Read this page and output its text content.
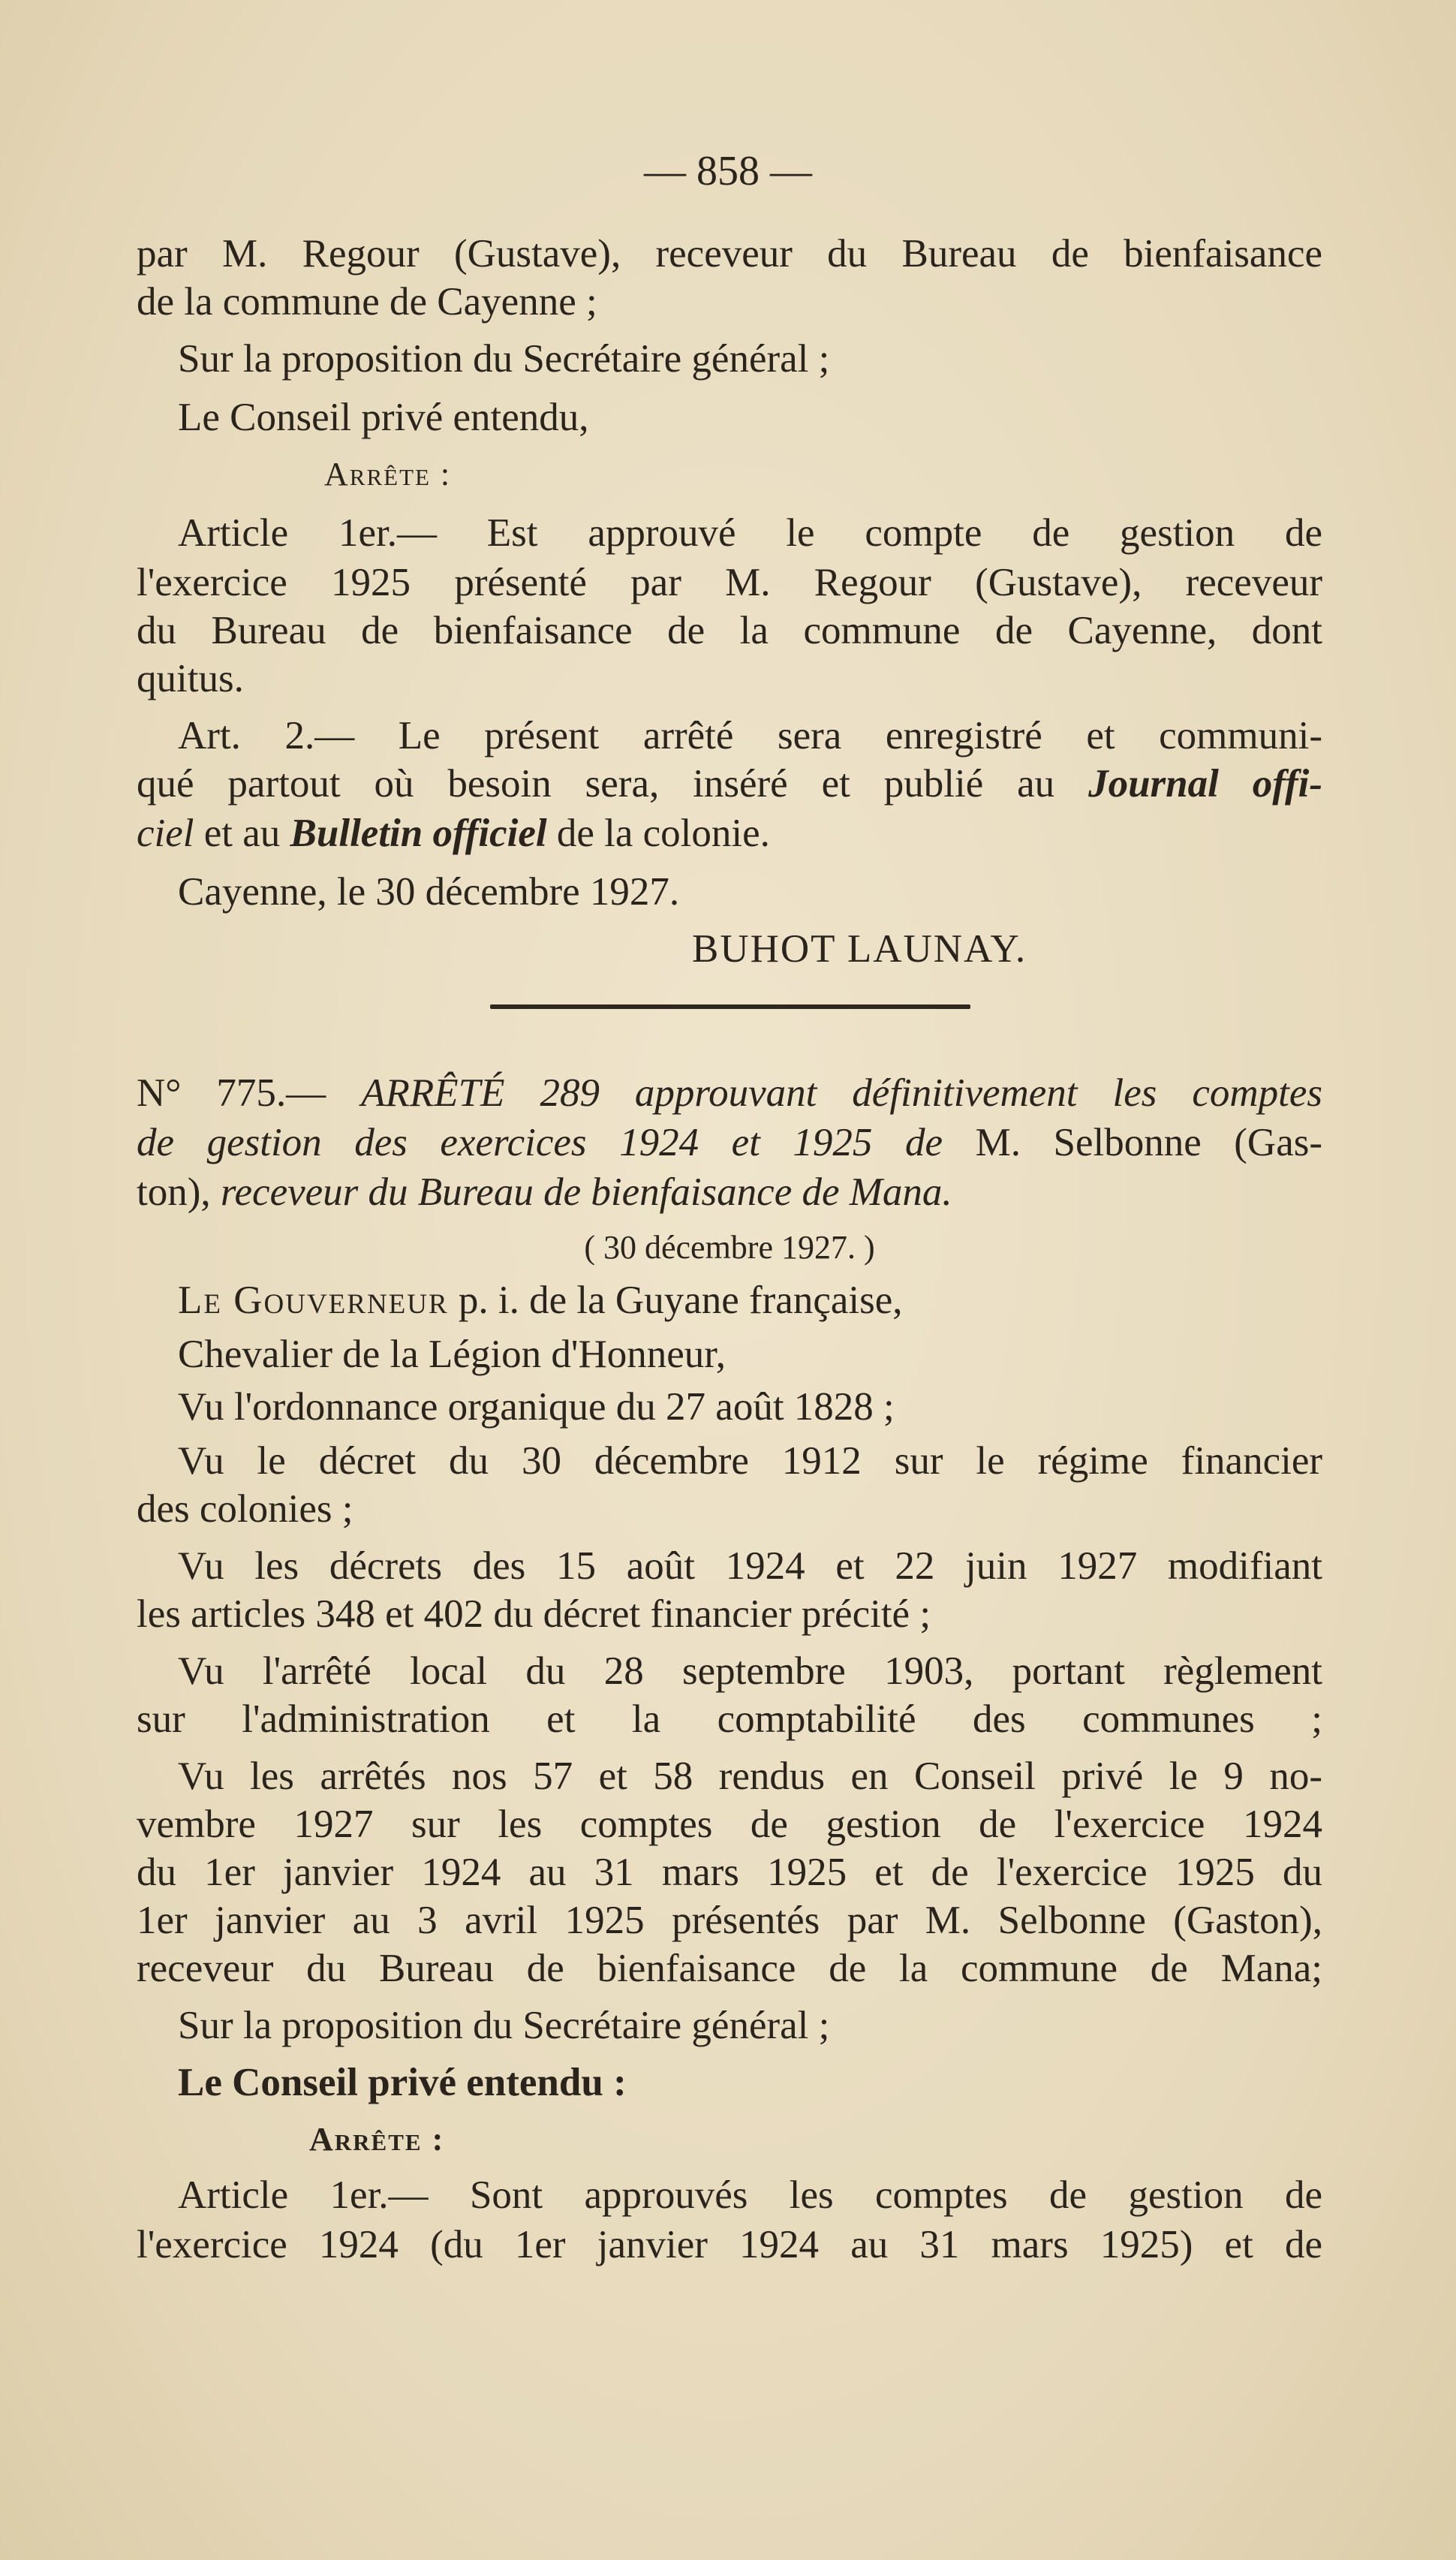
— 858 —
par M. Regour (Gustave), receveur du Bureau de bienfaisance
de la commune de Cayenne ;
Sur la proposition du Secrétaire général ;
Le Conseil privé entendu,
Arrête :
Article 1er.— Est approuvé le compte de gestion de
l'exercice 1925 présenté par M. Regour (Gustave), receveur
du Bureau de bienfaisance de la commune de Cayenne, dont
quitus.
Art. 2.— Le présent arrêté sera enregistré et communi-
qué partout où besoin sera, inséré et publié au Journal offi-
ciel et au Bulletin officiel de la colonie.
Cayenne, le 30 décembre 1927.
BUHOT LAUNAY.
N° 775.— ARRÊTÉ 289 approuvant définitivement les comptes
de gestion des exercices 1924 et 1925 de M. Selbonne (Gas-
ton), receveur du Bureau de bienfaisance de Mana.
( 30 décembre 1927. )
Le Gouverneur p. i. de la Guyane française,
Chevalier de la Légion d'Honneur,
Vu l'ordonnance organique du 27 août 1828 ;
Vu le décret du 30 décembre 1912 sur le régime financier
des colonies ;
Vu les décrets des 15 août 1924 et 22 juin 1927 modifiant
les articles 348 et 402 du décret financier précité ;
Vu l'arrêté local du 28 septembre 1903, portant règlement
sur l'administration et la comptabilité des communes ;
Vu les arrêtés nos 57 et 58 rendus en Conseil privé le 9 no-
vembre 1927 sur les comptes de gestion de l'exercice 1924
du 1er janvier 1924 au 31 mars 1925 et de l'exercice 1925 du
1er janvier au 3 avril 1925 présentés par M. Selbonne (Gaston),
receveur du Bureau de bienfaisance de la commune de Mana;
Sur la proposition du Secrétaire général ;
Le Conseil privé entendu :
Arrête :
Article 1er.— Sont approuvés les comptes de gestion de
l'exercice 1924 (du 1er janvier 1924 au 31 mars 1925) et de
